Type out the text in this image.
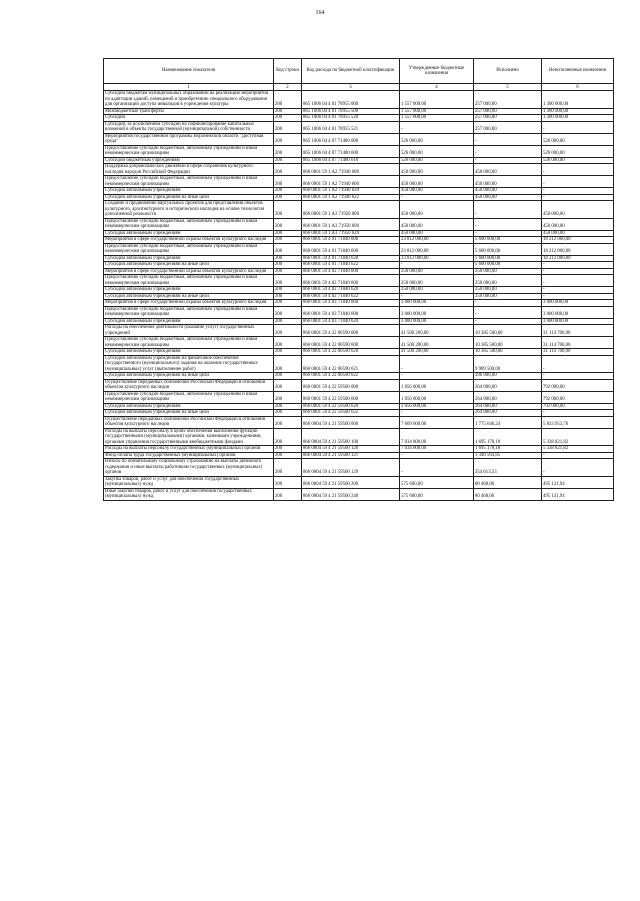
164
Наименование показателя	Код строки	Код расхода по бюджетной классификации	Утвержденные бюджетные назначения	Исполнено	Неисполненные назначения
1	2	3	4	5	6
Субсидии бюджетам муниципальных образований на реализацию мероприятий по адаптации зданий, помещений и приобретению специального оборудования для организации доступа инвалидов в учреждения культуры	200	865 1006 04 4 01 78955 000	1 557 000,00	257 000,00	1 300 000,00
Межбюджетные трансферты	200	865 1006 04 4 01 78955 500	1 557 000,00	257 000,00	1 300 000,00
Субсидии	200	865 1006 04 4 01 78955 520	1 557 000,00	257 000,00	1 300 000,00
Субсидии, за исключением субсидий на софинансирование капитальных вложений в объекты государственной (муниципальной) собственности	200	865 1006 04 4 01 78955 521	-	257 000,00	-
Мероприятия государственной программы Воронежской области "Доступная среда"	200	865 1006 04 4 07 71480 000	526 000,00	-	526 000,00
Предоставление субсидий бюджетным, автономным учреждениям и иным некоммерческим организациям	200	865 1006 04 4 07 71480 600	526 000,00	-	526 000,00
Субсидии бюджетным учреждениям	200	865 1006 04 4 07 71480 610	526 000,00	-	526 000,00
Поддержка добровольческих движений в сфере сохранения культурного наследия народов Российской Федерации	200	866 0801 59 1 A2 71940 000	450 000,00	450 000,00	-
Предоставление субсидий бюджетным, автономным учреждениям и иным некоммерческим организациям	200	866 0801 59 1 A2 71940 600	450 000,00	450 000,00	-
Субсидии автономным учреждениям	200	866 0801 59 1 A2 71940 620	450 000,00	450 000,00	-
Субсидии автономным учреждениям на иные цели	200	866 0801 59 1 A2 71940 622	-	450 000,00	-
Создание и продвижение виртуальных проектов для представления объектов культурного, архитектурного и исторического наследия на основе технологии дополненной реальности	200	866 0801 59 1 A3 71950 000	450 000,00	-	450 000,00
Предоставление субсидий бюджетным, автономным учреждениям и иным некоммерческим организациям	200	866 0801 59 1 A3 71950 600	450 000,00	-	450 000,00
Субсидии автономным учреждениям	200	866 0801 59 1 A3 71950 620	450 000,00	-	450 000,00
Мероприятия в сфере государственной охраны объектов культурного наследия	200	866 0801 59 4 01 71840 000	23 812 000,00	5 600 000,00	18 212 000,00
Предоставление субсидий бюджетным, автономным учреждениям и иным некоммерческим организациям	200	866 0801 59 4 01 71840 600	23 812 000,00	5 600 000,00	18 212 000,00
Субсидии автономным учреждениям	200	866 0801 59 4 01 71840 620	23 812 000,00	5 600 000,00	18 212 000,00
Субсидии автономным учреждениям на иные цели	200	866 0801 59 4 01 71840 622	-	5 600 000,00	-
Мероприятия в сфере государственной охраны объектов культурного наследия	200	866 0801 59 4 02 71840 000	250 000,00	250 000,00	-
Предоставление субсидий бюджетным, автономным учреждениям и иным некоммерческим организациям	200	866 0801 59 4 02 71840 600	250 000,00	250 000,00	-
Субсидии автономным учреждениям	200	866 0801 59 4 02 71840 620	250 000,00	250 000,00	-
Субсидии автономным учреждениям на иные цели	200	866 0801 59 4 02 71840 622	-	250 000,00	-
Мероприятия в сфере государственной охраны объектов культурного наследия	200	866 0801 59 4 03 71840 000	3 000 000,00	-	3 000 000,00
Предоставление субсидий бюджетным, автономным учреждениям и иным некоммерческим организациям	200	866 0801 59 4 03 71840 600	3 000 000,00	-	3 000 000,00
Субсидии автономным учреждениям	200	866 0801 59 4 03 71840 620	3 000 000,00	-	3 000 000,00
Расходы на обеспечение деятельности (оказание услуг) государственных учреждений	200	866 0801 59 4 22 00590 000	41 500 200,00	10 385 500,00	31 114 700,00
Предоставление субсидий бюджетным, автономным учреждениям и иным некоммерческим организациям	200	866 0801 59 4 22 00590 600	41 500 200,00	10 385 500,00	31 114 700,00
Субсидии автономным учреждениям	200	866 0801 59 4 22 00590 620	41 500 200,00	10 385 500,00	31 114 700,00
Субсидии автономным учреждениям на финансовое обеспечение государственного (муниципального) задания на оказание государственных (муниципальных) услуг (выполнение работ)	200	866 0801 59 4 22 00590 621	-	9 989 500,00	-
Субсидии автономным учреждениям на иные цели	200	866 0801 59 4 22 00590 622	-	396 000,00	-
Осуществление переданных полномочий Российской Федерации в отношении объектов культурного наследия	200	866 0801 59 4 22 59500 000	1 056 000,00	264 000,00	792 000,00
Предоставление субсидий бюджетным, автономным учреждениям и иным некоммерческим организациям	200	866 0801 59 4 22 59500 600	1 056 000,00	264 000,00	792 000,00
Субсидии автономным учреждениям	200	866 0801 59 4 22 59500 620	1 056 000,00	264 000,00	792 000,00
Субсидии автономным учреждениям на иные цели	200	866 0801 59 4 22 59500 622	-	264 000,00	-
Осуществление переданных полномочий Российской Федерации в отношении объектов культурного наследия	200	866 0804 59 4 21 59500 000	7 609 600,00	1 775 646,24	5 833 953,76
Расходы на выплаты персоналу в целях обеспечения выполнения функций государственными (муниципальными) органами, казенными учреждениями, органами управления государственными внебюджетными фондами	200	866 0804 59 4 21 59500 100	7 034 000,00	1 695 178,18	5 338 821,82
Расходы на выплаты персоналу государственных (муниципальных) органов	200	866 0804 59 4 21 59500 120	7 034 000,00	1 695 178,18	5 338 821,82
Фонд оплаты труда государственных (муниципальных) органов	200	866 0804 59 4 21 59500 121	-	1 340 564,85	-
Взносы по обязательному социальному страхованию на выплаты денежного содержания и иные выплаты работникам государственных (муниципальных) органов	200	866 0804 59 4 21 59500 129	-	354 613,33	-
Закупка товаров, работ и услуг для обеспечения государственных (муниципальных) нужд	200	866 0804 59 4 21 59500 200	575 600,00	80 468,06	495 131,94
Иные закупки товаров, работ и услуг для обеспечения государственных (муниципальных) нужд	200	866 0804 59 4 21 59500 240	575 600,00	80 468,06	495 131,94
